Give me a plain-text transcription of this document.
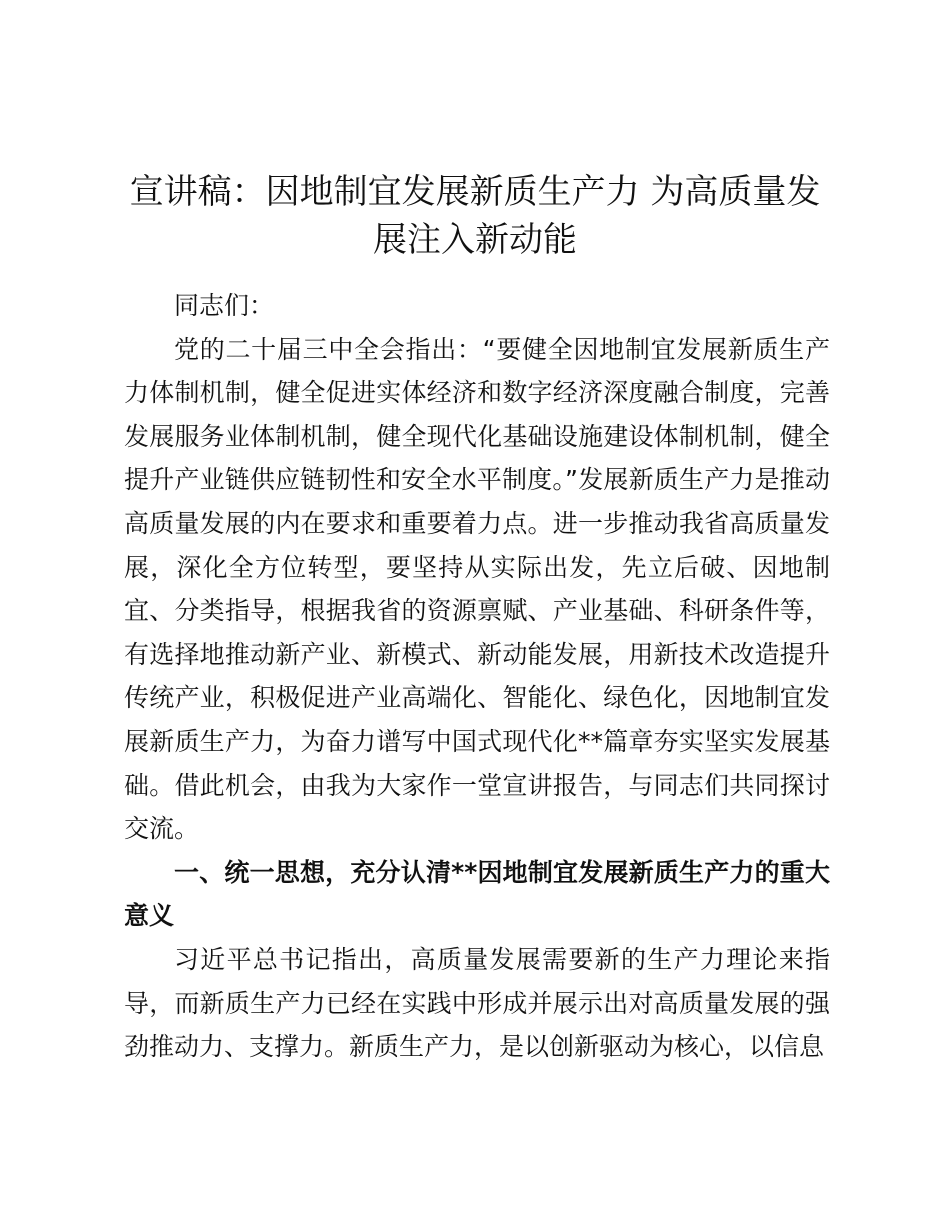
宣讲稿：因地制宜发展新质生产力 为高质量发展注入新动能

同志们：

党的二十届三中全会指出：“要健全因地制宜发展新质生产力体制机制，健全促进实体经济和数字经济深度融合制度，完善发展服务业体制机制，健全现代化基础设施建设体制机制，健全提升产业链供应链韧性和安全水平制度。”发展新质生产力是推动高质量发展的内在要求和重要着力点。进一步推动我省高质量发展，深化全方位转型，要坚持从实际出发，先立后破、因地制宜、分类指导，根据我省的资源禀赋、产业基础、科研条件等，有选择地推动新产业、新模式、新动能发展，用新技术改造提升传统产业，积极促进产业高端化、智能化、绿色化，因地制宜发展新质生产力，为奋力谱写中国式现代化**篇章夯实坚实发展基础。借此机会，由我为大家作一堂宣讲报告，与同志们共同探讨交流。

一、统一思想，充分认清**因地制宜发展新质生产力的重大意义

习近平总书记指出，高质量发展需要新的生产力理论来指导，而新质生产力已经在实践中形成并展示出对高质量发展的强劲推动力、支撑力。新质生产力，是以创新驱动为核心，以信息
